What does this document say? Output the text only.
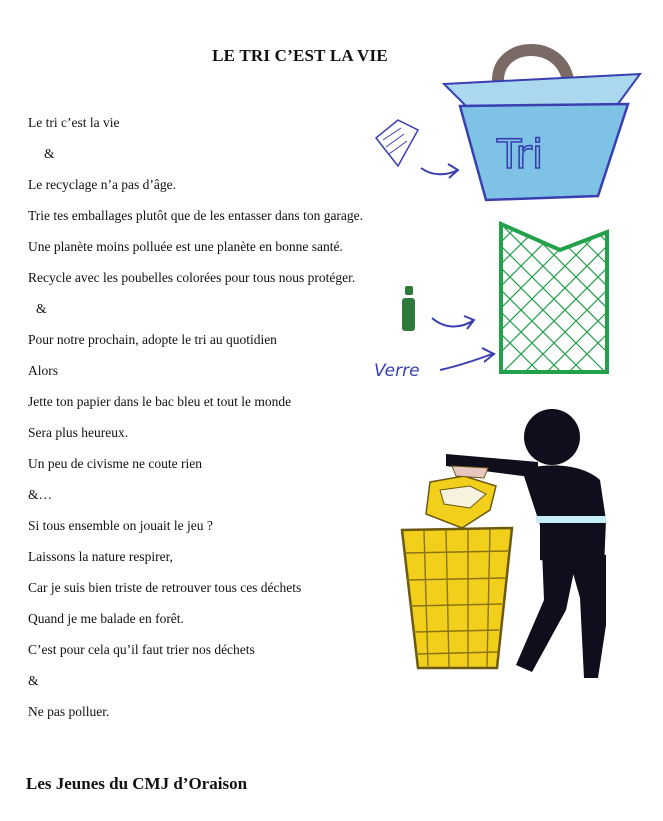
LE TRI C’EST LA VIE
Le tri c’est la vie
&
Le recyclage n’a pas d’âge.
Trie tes emballages plutôt que de les entasser dans ton garage.
Une planète moins polluée est une planète en bonne santé.
Recycle avec les poubelles colorées pour tous nous protéger.
&
Pour notre prochain, adopte le tri au quotidien
Alors
Jette ton papier dans le bac bleu et tout le monde
Sera plus heureux.
Un peu de civisme ne coute rien
&…
Si tous ensemble on jouait le jeu ?
Laissons la nature respirer,
Car je suis bien triste de retrouver tous ces déchets
Quand je me balade en forêt.
C’est pour cela qu’il faut trier nos déchets
&
Ne pas polluer.
Tri
Verre
Les Jeunes du CMJ d’Oraison
